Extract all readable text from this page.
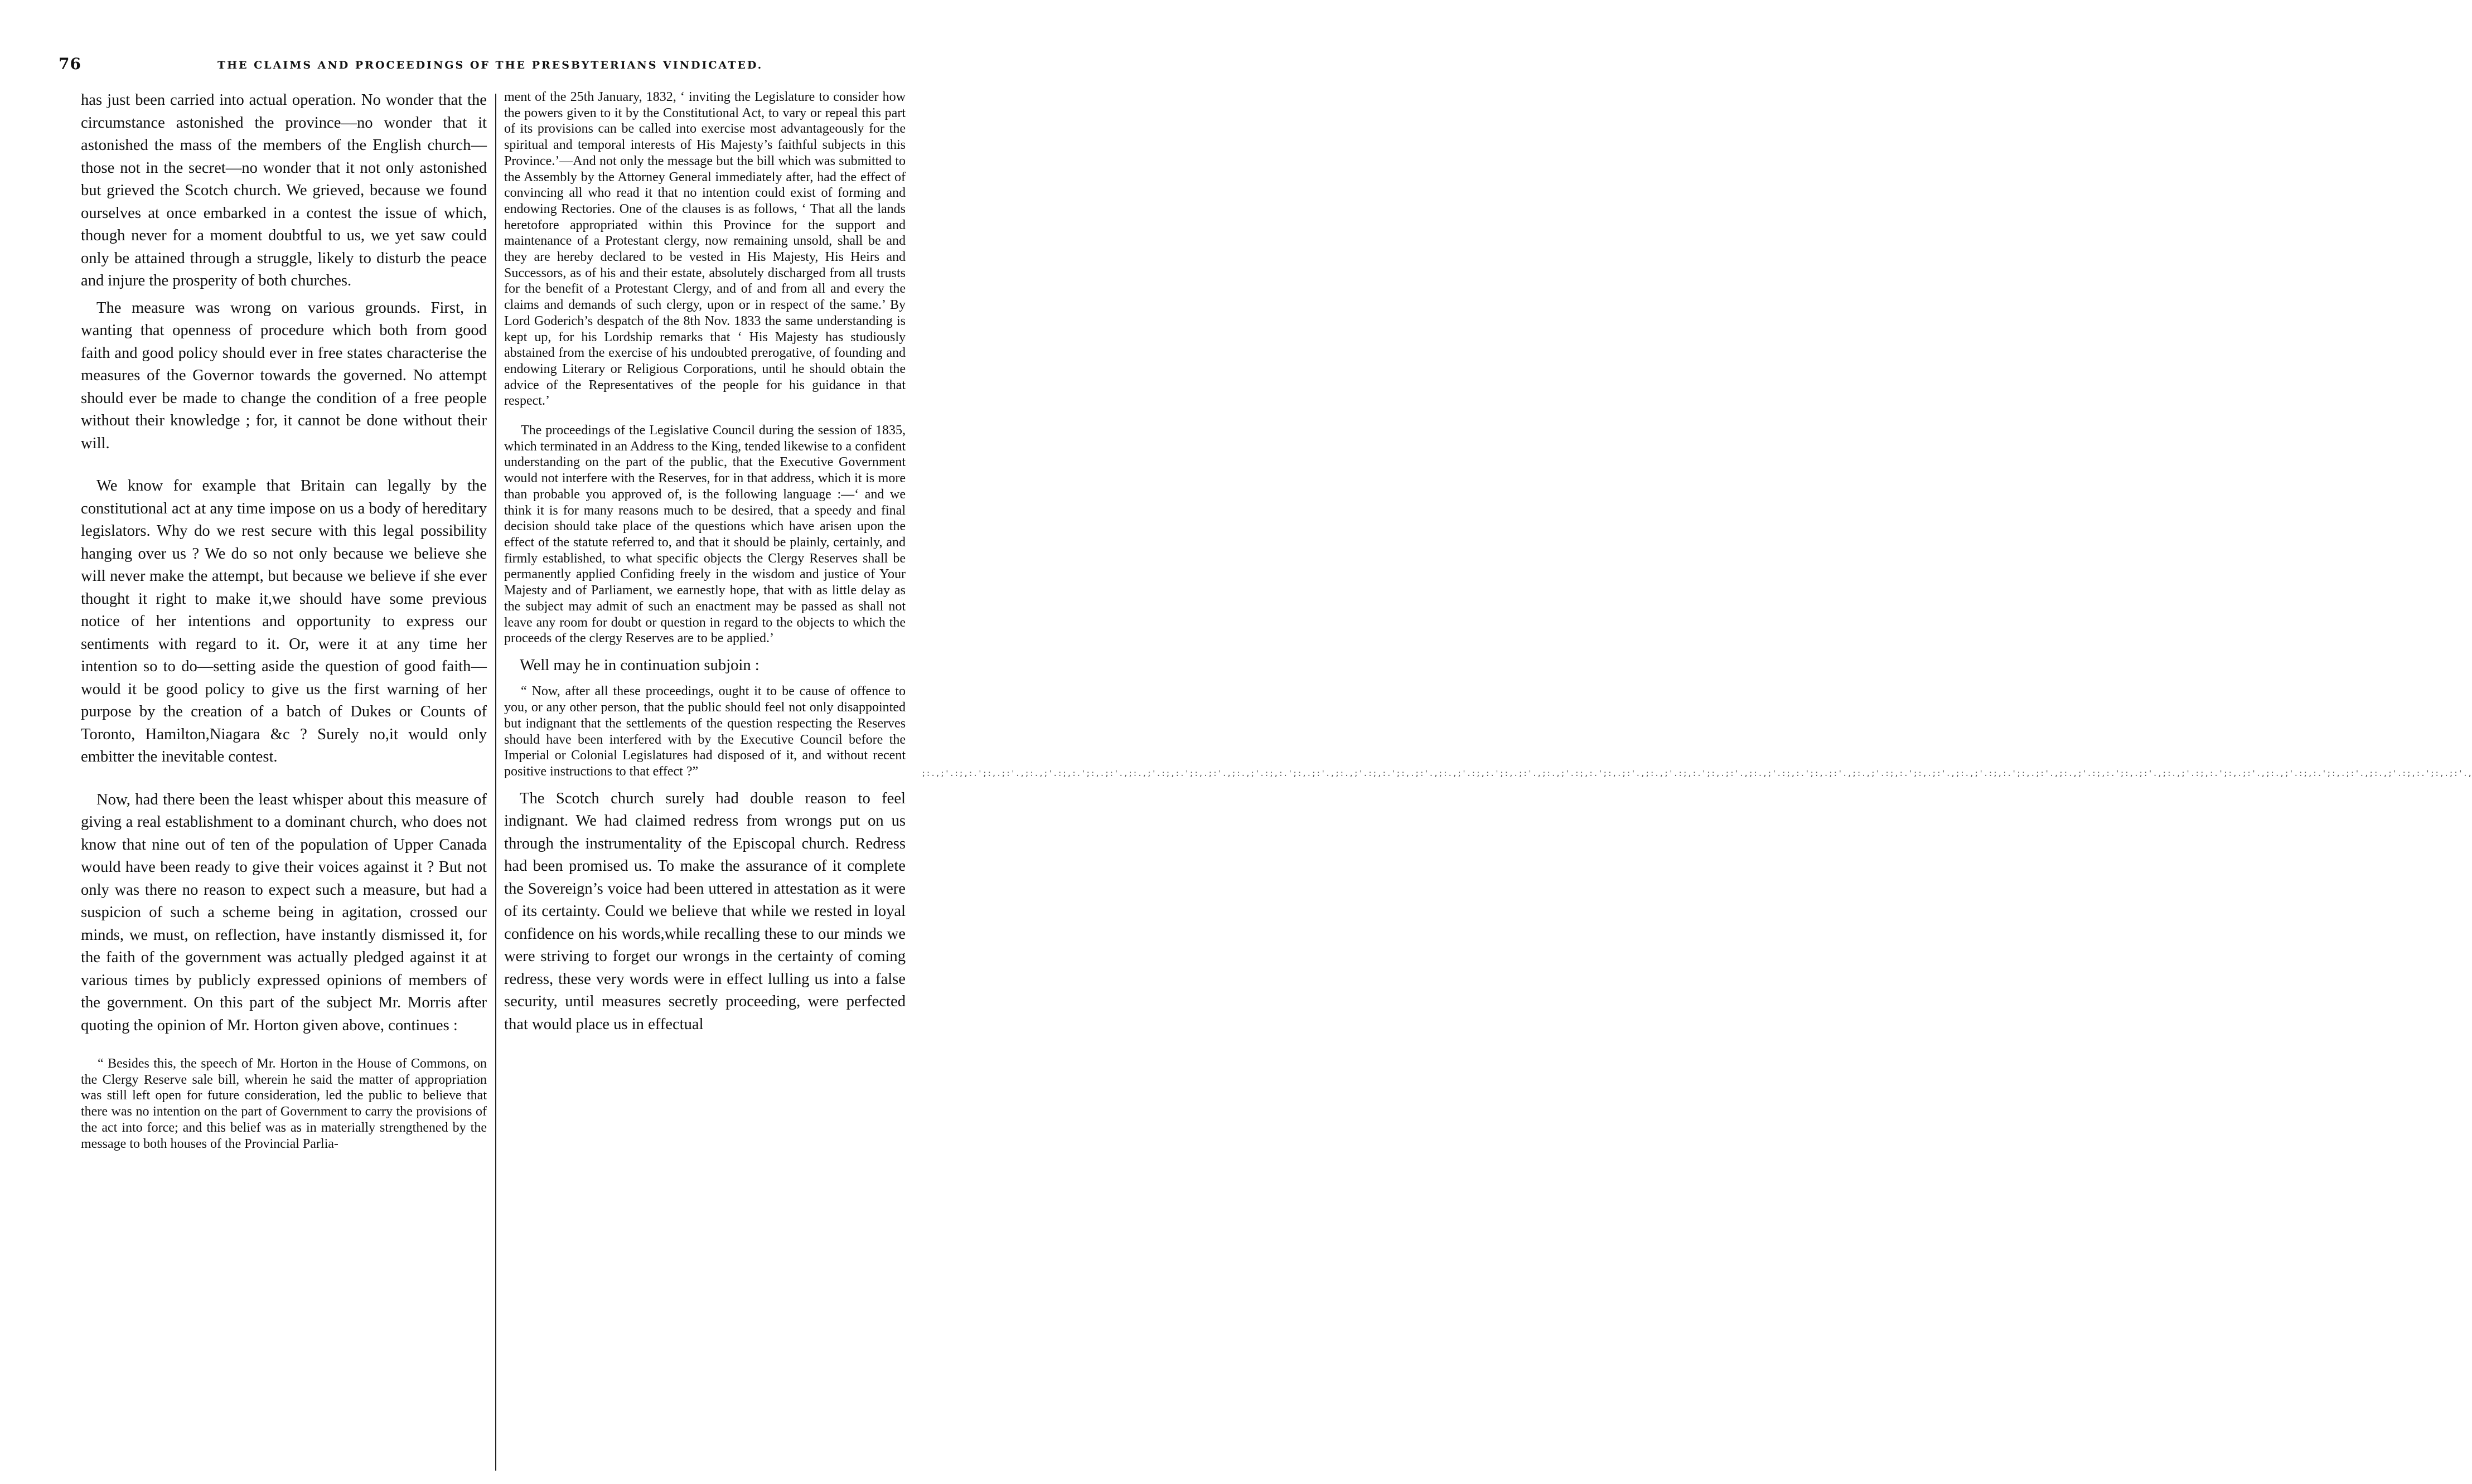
76	THE CLAIMS AND PROCEEDINGS OF THE PRESBYTERIANS VINDICATED.

has just been carried into actual operation. No wonder that the circumstance astonished the province—no wonder that it astonished the mass of the members of the English church—those not in the secret—no wonder that it not only astonished but grieved the Scotch church. We grieved, because we found ourselves at once embarked in a contest the issue of which, though never for a moment doubtful to us, we yet saw could only be attained through a struggle, likely to disturb the peace and injure the prosperity of both churches.

The measure was wrong on various grounds. First, in wanting that openness of procedure which both from good faith and good policy should ever in free states characterise the measures of the Governor towards the governed. No attempt should ever be made to change the condition of a free people without their knowledge ; for, it cannot be done without their will.

We know for example that Britain can legally by the constitutional act at any time impose on us a body of hereditary legislators. Why do we rest secure with this legal possibility hanging over us ? We do so not only because we believe she will never make the attempt, but because we believe if she ever thought it right to make it,we should have some previous notice of her intentions and opportunity to express our sentiments with regard to it. Or, were it at any time her intention so to do—setting aside the question of good faith—would it be good policy to give us the first warning of her purpose by the creation of a batch of Dukes or Counts of Toronto, Hamilton,Niagara &c ? Surely no,it would only embitter the inevitable contest.

Now, had there been the least whisper about this measure of giving a real establishment to a dominant church, who does not know that nine out of ten of the population of Upper Canada would have been ready to give their voices against it ? But not only was there no reason to expect such a measure, but had a suspicion of such a scheme being in agitation, crossed our minds, we must, on reflection, have instantly dismissed it, for the faith of the government was actually pledged against it at various times by publicly expressed opinions of members of the government. On this part of the subject Mr. Morris after quoting the opinion of Mr. Horton given above, continues :

“ Besides this, the speech of Mr. Horton in the House of Commons, on the Clergy Reserve sale bill, wherein he said the matter of appropriation was still left open for future consideration, led the public to believe that there was no intention on the part of Government to carry the provisions of the act into force; and this belief was as in materially strengthened by the message to both houses of the Provincial Parlia-

ment of the 25th January, 1832, ‘ inviting the Legislature to consider how the powers given to it by the Constitutional Act, to vary or repeal this part of its provisions can be called into exercise most advantageously for the spiritual and temporal interests of His Majesty’s faithful subjects in this Province.’—And not only the message but the bill which was submitted to the Assembly by the Attorney General immediately after, had the effect of convincing all who read it that no intention could exist of forming and endowing Rectories. One of the clauses is as follows, ‘ That all the lands heretofore appropriated within this Province for the support and maintenance of a Protestant clergy, now remaining unsold, shall be and they are hereby declared to be vested in His Majesty, His Heirs and Successors, as of his and their estate, absolutely discharged from all trusts for the benefit of a Protestant Clergy, and of and from all and every the claims and demands of such clergy, upon or in respect of the same.’ By Lord Goderich’s despatch of the 8th Nov. 1833 the same understanding is kept up, for his Lordship remarks that ‘ His Majesty has studiously abstained from the exercise of his undoubted prerogative, of founding and endowing Literary or Religious Corporations, until he should obtain the advice of the Representatives of the people for his guidance in that respect.’

The proceedings of the Legislative Council during the session of 1835, which terminated in an Address to the King, tended likewise to a confident understanding on the part of the public, that the Executive Government would not interfere with the Reserves, for in that address, which it is more than probable you approved of, is the following language :—‘ and we think it is for many reasons much to be desired, that a speedy and final decision should take place of the questions which have arisen upon the effect of the statute referred to, and that it should be plainly, certainly, and firmly established, to what specific objects the Clergy Reserves shall be permanently applied Confiding freely in the wisdom and justice of Your Majesty and of Parliament, we earnestly hope, that with as little delay as the subject may admit of such an enactment may be passed as shall not leave any room for doubt or question in regard to the objects to which the proceeds of the clergy Reserves are to be applied.’

Well may he in continuation subjoin :

“ Now, after all these proceedings, ought it to be cause of offence to you, or any other person, that the public should feel not only disappointed but indignant that the settlements of the question respecting the Reserves should have been interfered with by the Executive Council before the Imperial or Colonial Legislatures had disposed of it, and without recent positive instructions to that effect ?”

The Scotch church surely had double reason to feel indignant. We had claimed redress from wrongs put on us through the instrumentality of the Episcopal church. Redress had been promised us. To make the assurance of it complete the Sovereign’s voice had been uttered in attestation as it were of its certainty. Could we believe that while we rested in loyal confidence on his words,while recalling these to our minds we were striving to forget our wrongs in the certainty of coming redress, these very words were in effect lulling us into a false security, until measures secretly proceeding, were perfected that would place us in effectual

;:.,;'.:;,:.';:,.;:'.,;:.,;'.:;,:.';:,.;:'.,;:.,;'.:;,:.';:,.;:'.,;:.,;'.:;,:.';:,.;:'.,;:.,;'.:;,:.';:,.;:'.,;:.,;'.:;,:.';:,.;:'.,;:.,;'.:;,:.';:,.;:'.,;:.,;'.:;,:.';:,.;:'.,;:.,;'.:;,:.';:,.;:'.,;:.,;'.:;,:.';:,.;:'.,;:.,;'.:;,:.';:,.;:'.,;:.,;'.:;,:.';:,.;:'.,;:.,;'.:;,:.';:,.;:'.,;:.,;'.:;,:.';:,.;:'.,;:.,;'.:;,:.';:,.;:'.,
